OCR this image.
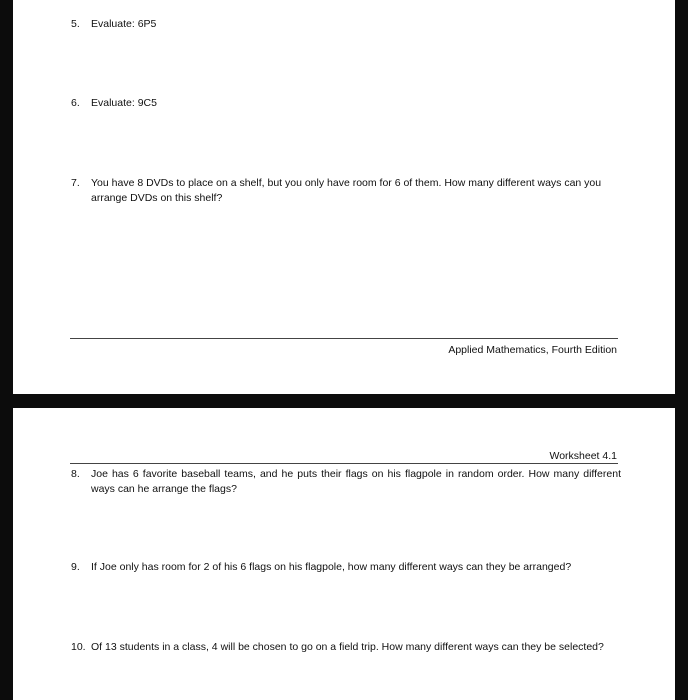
5.	Evaluate: 6P5
6.	Evaluate: 9C5
7.	You have 8 DVDs to place on a shelf, but you only have room for 6 of them. How many different ways can you arrange DVDs on this shelf?
Applied Mathematics, Fourth Edition
Worksheet 4.1
8.	Joe has 6 favorite baseball teams, and he puts their flags on his flagpole in random order. How many different ways can he arrange the flags?
9.	If Joe only has room for 2 of his 6 flags on his flagpole, how many different ways can they be arranged?
10. Of 13 students in a class, 4 will be chosen to go on a field trip. How many different ways can they be selected?
